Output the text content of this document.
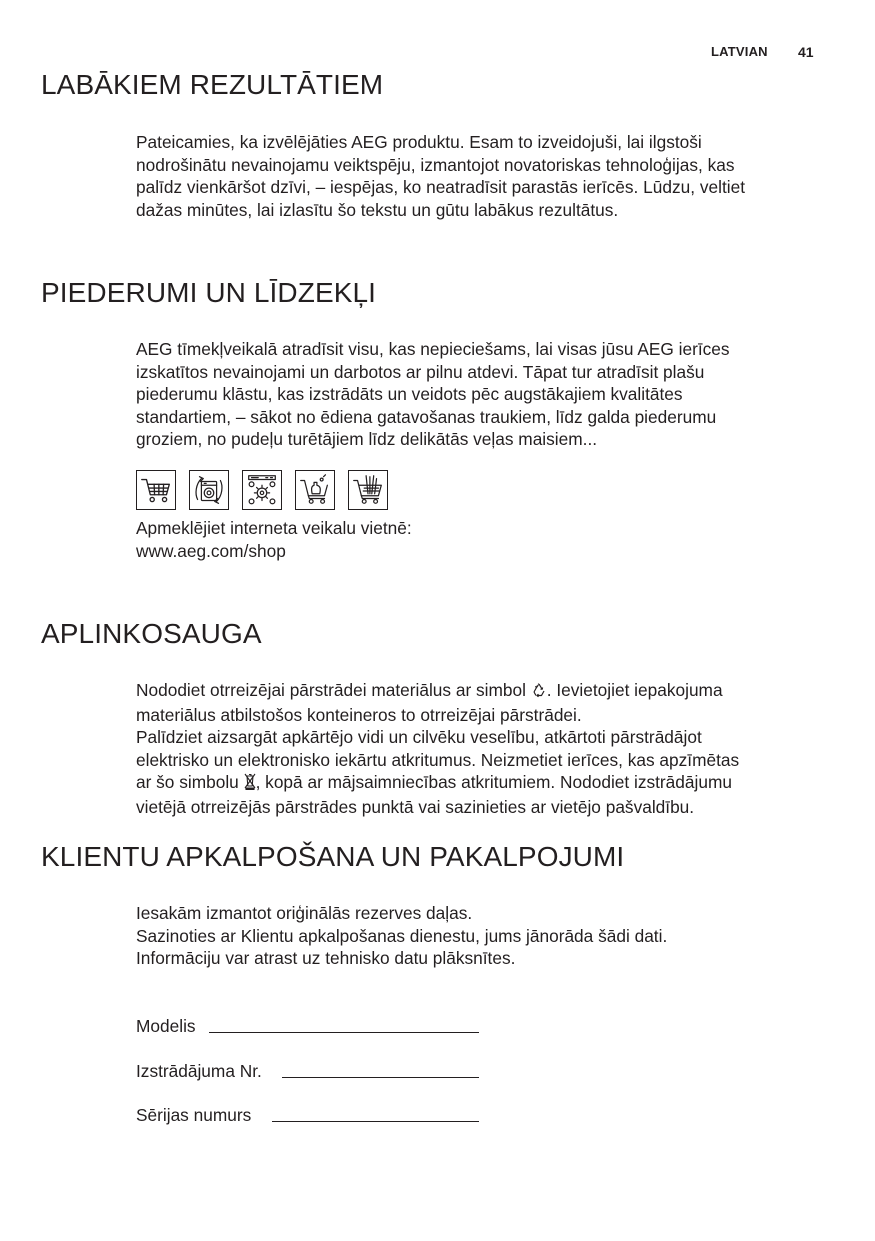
LATVIAN 41
LABĀKIEM REZULTĀTIEM
Pateicamies, ka izvēlējāties AEG produktu. Esam to izveidojuši, lai ilgstoši
nodrošinātu nevainojamu veiktspēju, izmantojot novatoriskas tehnoloģijas, kas
palīdz vienkāršot dzīvi, – iespējas, ko neatradīsit parastās ierīcēs. Lūdzu, veltiet
dažas minūtes, lai izlasītu šo tekstu un gūtu labākus rezultātus.
PIEDERUMI UN LĪDZEKĻI
AEG tīmekļveikalā atradīsit visu, kas nepieciešams, lai visas jūsu AEG ierīces
izskatītos nevainojami un darbotos ar pilnu atdevi. Tāpat tur atradīsit plašu
piederumu klāstu, kas izstrādāts un veidots pēc augstākajiem kvalitātes
standartiem, – sākot no ēdiena gatavošanas traukiem, līdz galda piederumu
groziem, no pudeļu turētājiem līdz delikātās veļas maisiem...
Apmeklējiet interneta veikalu vietnē:
www.aeg.com/shop
APLINKOSAUGA
Nododiet otrreizējai pārstrādei materiālus ar simbol . Ievietojiet iepakojuma
materiālus atbilstošos konteineros to otrreizējai pārstrādei.
Palīdziet aizsargāt apkārtējo vidi un cilvēku veselību, atkārtoti pārstrādājot
elektrisko un elektronisko iekārtu atkritumus. Neizmetiet ierīces, kas apzīmētas
ar šo simbolu , kopā ar mājsaimniecības atkritumiem. Nododiet izstrādājumu
vietējā otrreizējās pārstrādes punktā vai sazinieties ar vietējo pašvaldību.
KLIENTU APKALPOŠANA UN PAKALPOJUMI
Iesakām izmantot oriģinālās rezerves daļas.
Sazinoties ar Klientu apkalpošanas dienestu, jums jānorāda šādi dati.
Informāciju var atrast uz tehnisko datu plāksnītes.
Modelis
Izstrādājuma Nr.
Sērijas numurs
